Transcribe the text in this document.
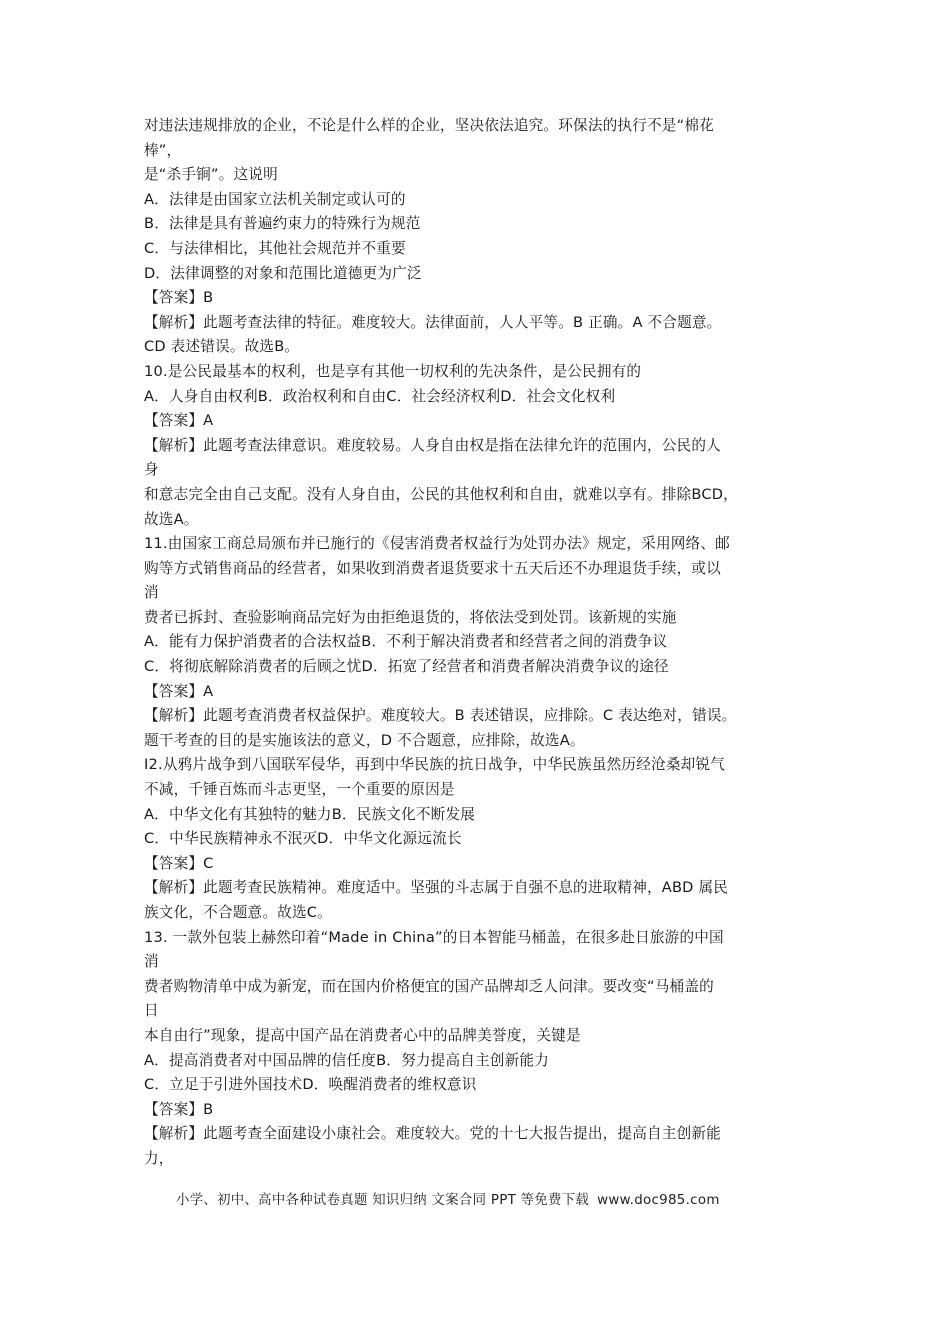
对违法违规排放的企业，不论是什么样的企业，坚决依法追究。环保法的执行不是“棉花
棒”，
是“杀手锏”。这说明
A．法律是由国家立法机关制定或认可的
B．法律是具有普遍约束力的特殊行为规范
C．与法律相比，其他社会规范并不重要
D．法律调整的对象和范围比道德更为广泛
【答案】B
【解析】此题考查法律的特征。难度较大。法律面前，人人平等。B 正确。A 不合题意。
CD 表述错误。故选B。
10.是公民最基本的权利，也是享有其他一切权利的先决条件，是公民拥有的
A．人身自由权利B．政治权利和自由C．社会经济权利D．社会文化权利
【答案】A
【解析】此题考查法律意识。难度较易。人身自由权是指在法律允许的范围内，公民的人
身
和意志完全由自己支配。没有人身自由，公民的其他权利和自由，就难以享有。排除BCD，
故选A。
11.由国家工商总局颁布并已施行的《侵害消费者权益行为处罚办法》规定，采用网络、邮
购等方式销售商品的经营者，如果收到消费者退货要求十五天后还不办理退货手续，或以
消
费者已拆封、查验影响商品完好为由拒绝退货的，将依法受到处罚。该新规的实施
A．能有力保护消费者的合法权益B．不利于解决消费者和经营者之间的消费争议
C．将彻底解除消费者的后顾之忧D．拓宽了经营者和消费者解决消费争议的途径
【答案】A
【解析】此题考查消费者权益保护。难度较大。B 表述错误，应排除。C 表达绝对，错误。
题干考查的目的是实施该法的意义，D 不合题意，应排除，故选A。
I2.从鸦片战争到八国联军侵华，再到中华民族的抗日战争，中华民族虽然历经沧桑却锐气
不减，千锤百炼而斗志更坚，一个重要的原因是
A．中华文化有其独特的魅力B．民族文化不断发展
C．中华民族精神永不泯灭D．中华文化源远流长
【答案】C
【解析】此题考查民族精神。难度适中。坚强的斗志属于自强不息的进取精神，ABD 属民
族文化，不合题意。故选C。
13. 一款外包装上赫然印着“Made in China”的日本智能马桶盖，在很多赴日旅游的中国
消
费者购物清单中成为新宠，而在国内价格便宜的国产品牌却乏人问津。要改变“马桶盖的
日
本自由行”现象，提高中国产品在消费者心中的品牌美誉度，关键是
A．提高消费者对中国品牌的信任度B．努力提高自主创新能力
C．立足于引进外国技术D．唤醒消费者的维权意识
【答案】B
【解析】此题考查全面建设小康社会。难度较大。党的十七大报告提出，提高自主创新能
力，
小学、初中、高中各种试卷真题 知识归纳 文案合同 PPT 等免费下载 www.doc985.com
